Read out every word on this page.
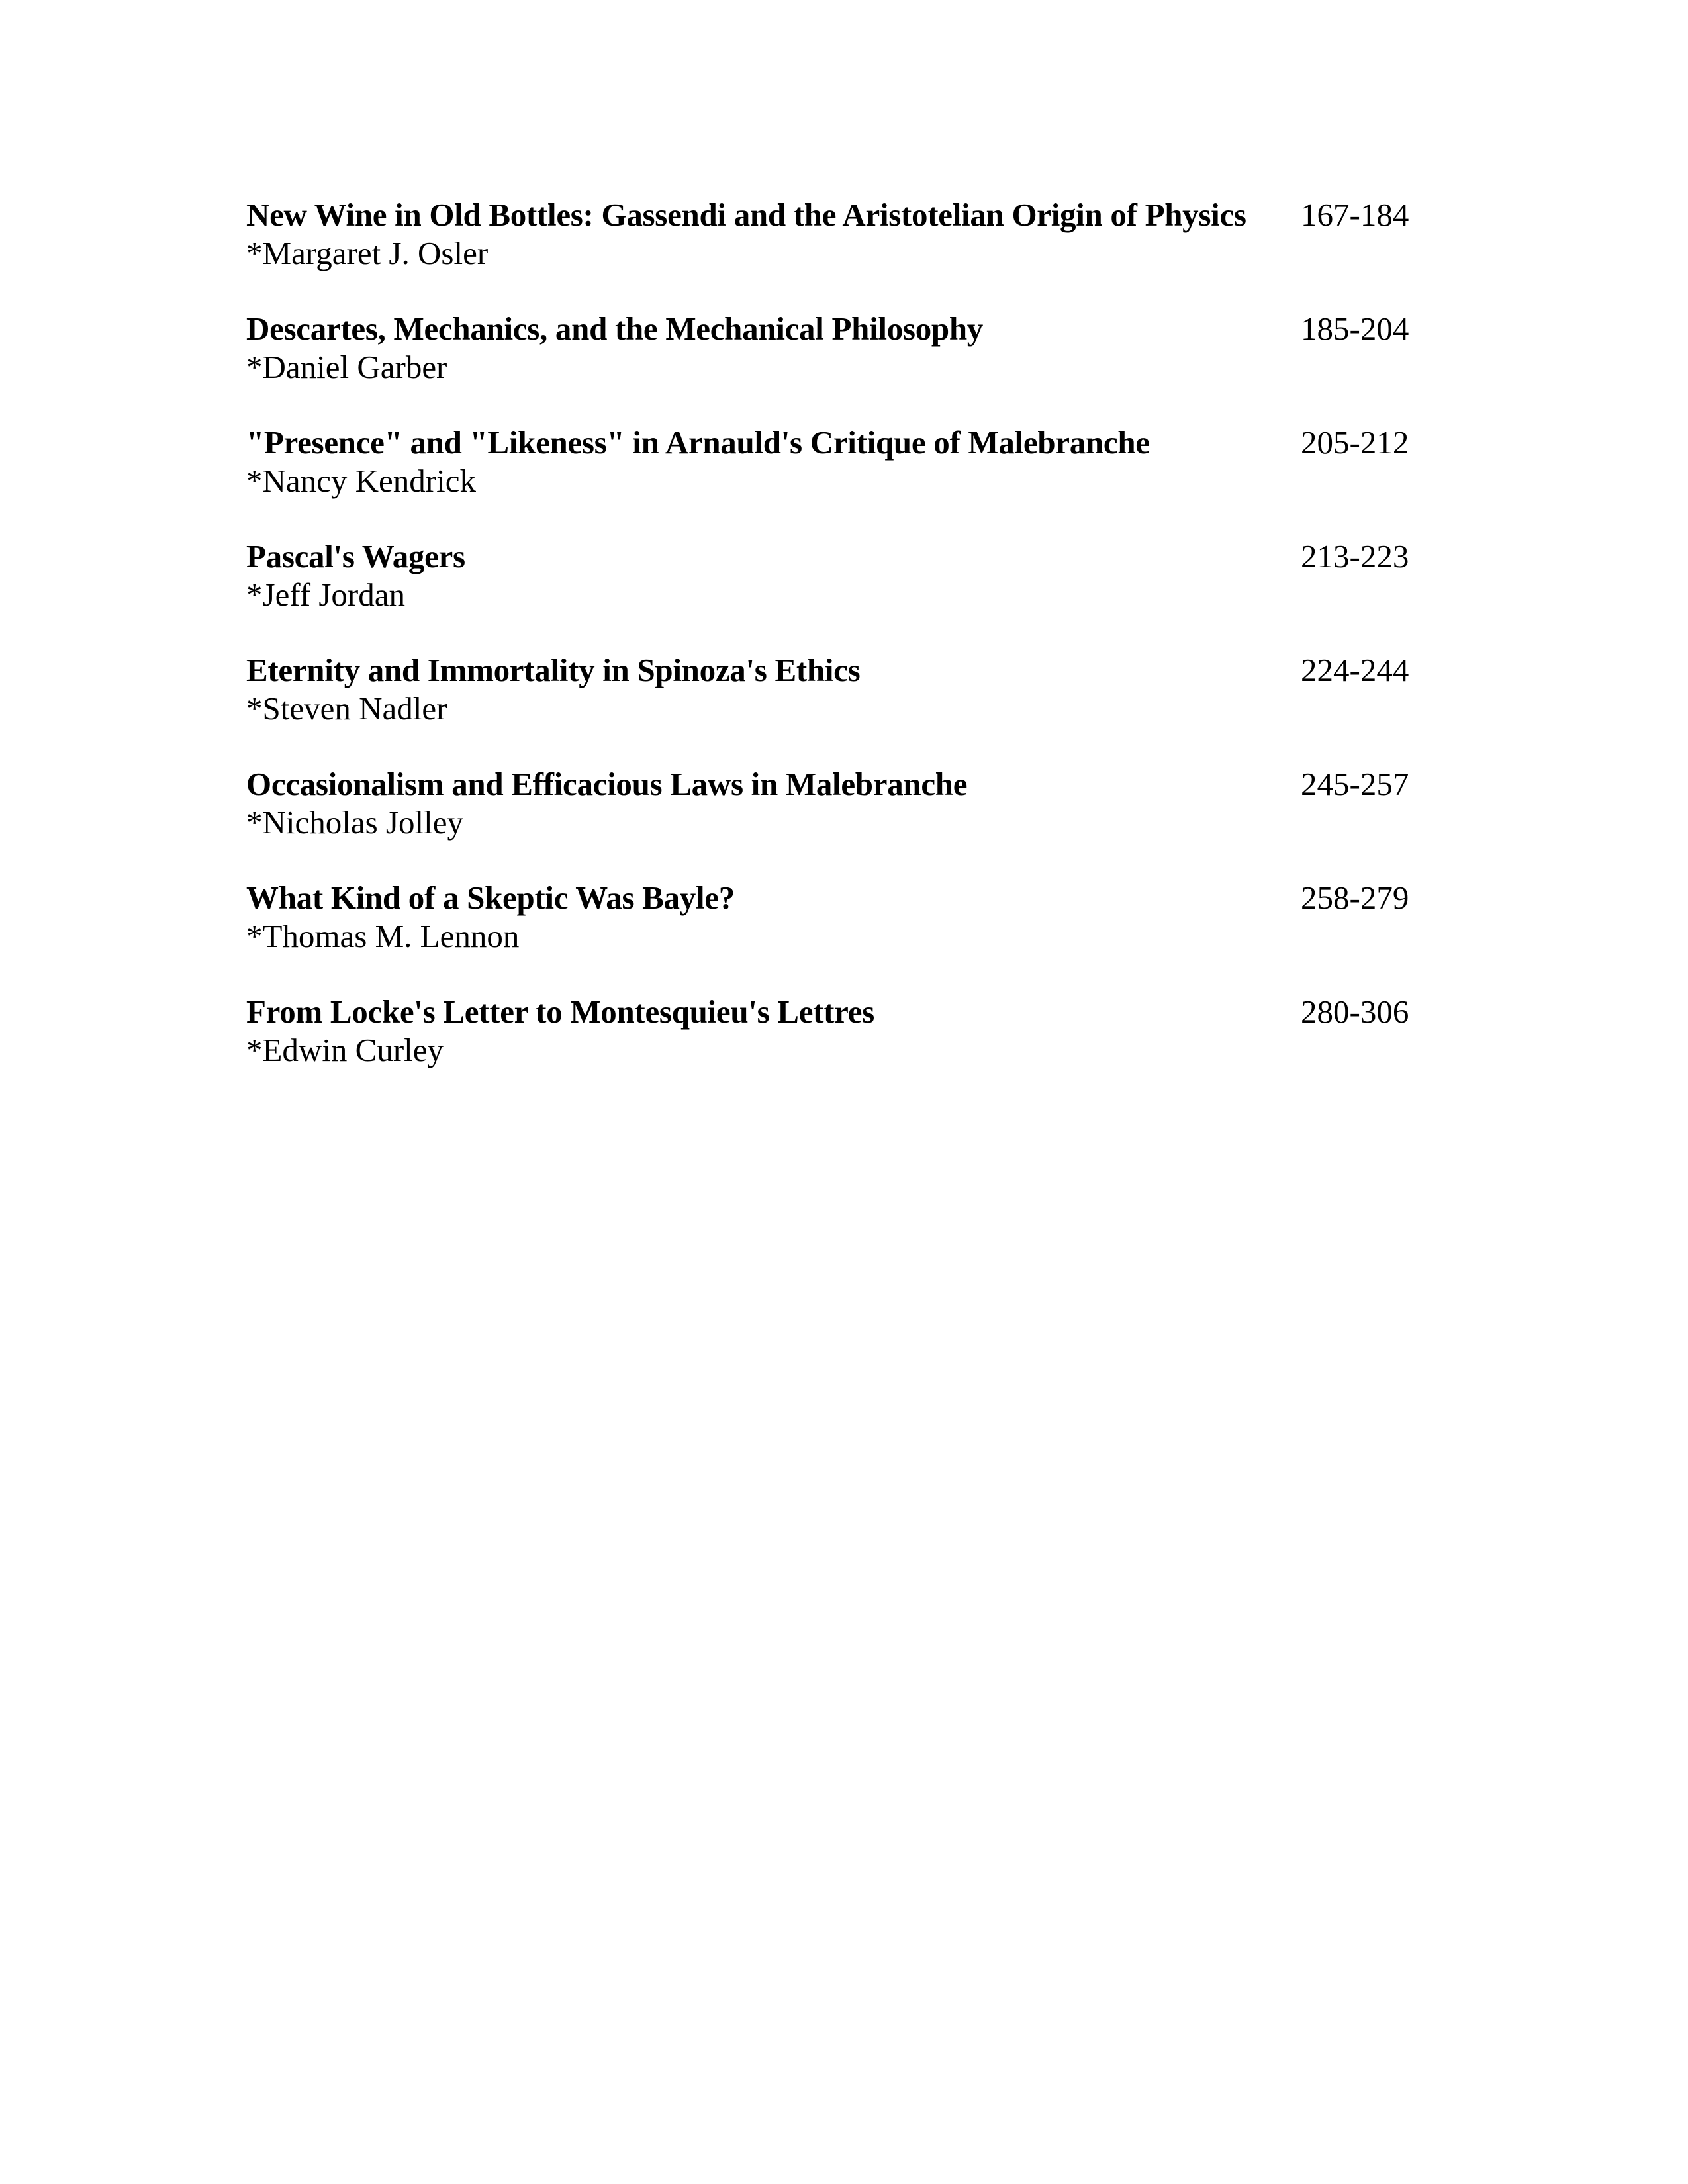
New Wine in Old Bottles: Gassendi and the Aristotelian Origin of Physics
*Margaret J. Osler
167-184
Descartes, Mechanics, and the Mechanical Philosophy
*Daniel Garber
185-204
"Presence" and "Likeness" in Arnauld's Critique of Malebranche
*Nancy Kendrick
205-212
Pascal's Wagers
*Jeff Jordan
213-223
Eternity and Immortality in Spinoza's Ethics
*Steven Nadler
224-244
Occasionalism and Efficacious Laws in Malebranche
*Nicholas Jolley
245-257
What Kind of a Skeptic Was Bayle?
*Thomas M. Lennon
258-279
From Locke's Letter to Montesquieu's Lettres
*Edwin Curley
280-306
